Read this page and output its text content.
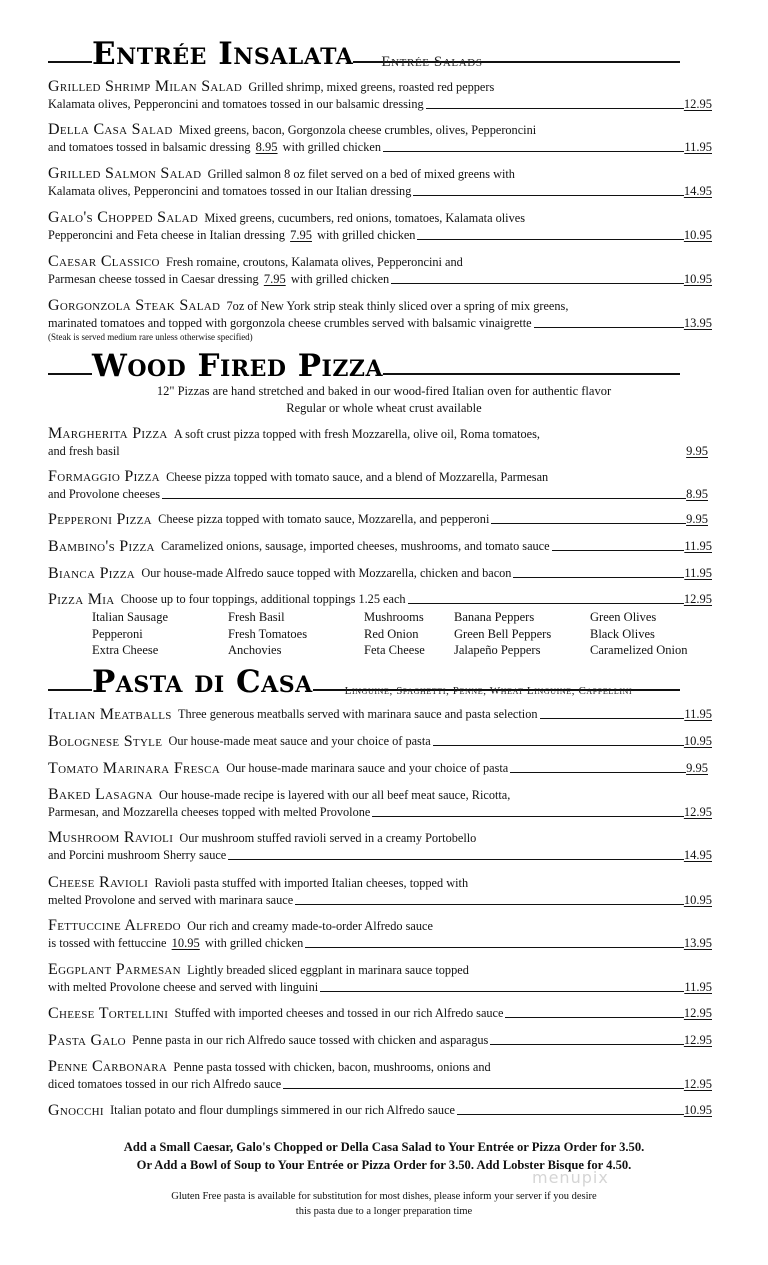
Entrée Insalata	Entrée Salads
Grilled Shrimp Milan Salad Grilled shrimp, mixed greens, roasted red peppers
Kalamata olives, Pepperoncini and tomatoes tossed in our balsamic dressing	12.95
Della Casa Salad Mixed greens, bacon, Gorgonzola cheese crumbles, olives, Pepperoncini
and tomatoes tossed in balsamic dressing
8.95
with grilled chicken	11.95
Grilled Salmon Salad Grilled salmon 8 oz filet served on a bed of mixed greens with
Kalamata olives, Pepperoncini and tomatoes tossed in our Italian dressing	14.95
Galo's Chopped Salad Mixed greens, cucumbers, red onions, tomatoes, Kalamata olives
Pepperoncini and Feta cheese in Italian dressing
7.95
with grilled chicken	10.95
Caesar Classico Fresh romaine, croutons, Kalamata olives, Pepperoncini and
Parmesan cheese tossed in Caesar dressing
7.95
with grilled chicken	10.95
Gorgonzola Steak Salad 7oz of New York strip steak thinly sliced over a spring of mix greens,
marinated tomatoes and topped with gorgonzola cheese crumbles served with balsamic vinaigrette	13.95
(Steak is served medium rare unless otherwise specified)
Wood Fired Pizza
12" Pizzas are hand stretched and baked in our wood-fired Italian oven for authentic flavor
Regular or whole wheat crust available
Margherita Pizza A soft crust pizza topped with fresh Mozzarella, olive oil, Roma tomatoes,
and fresh basil	9.95
Formaggio Pizza Cheese pizza topped with tomato sauce, and a blend of Mozzarella, Parmesan
and Provolone cheeses	8.95
Pepperoni Pizza
Cheese pizza topped with tomato sauce, Mozzarella, and pepperoni	9.95
Bambino's Pizza
Caramelized onions, sausage, imported cheeses, mushrooms, and tomato sauce	11.95
Bianca Pizza
Our house-made Alfredo sauce topped with Mozzarella, chicken and bacon	11.95
Pizza Mia
Choose up to four toppings, additional toppings 1.25 each	12.95
Italian Sausage	Fresh Basil	Mushrooms	Banana Peppers	Green Olives
Pepperoni	Fresh Tomatoes	Red Onion	Green Bell Peppers	Black Olives
Extra Cheese	Anchovies	Feta Cheese	Jalapeño Peppers	Caramelized Onion
Pasta di Casa	Linguine, Spaghetti, Penne, Wheat Linguine, Cappellini
Italian Meatballs
Three generous meatballs served with marinara sauce and pasta selection	11.95
Bolognese Style
Our house-made meat sauce and your choice of pasta	10.95
Tomato Marinara Fresca
Our house-made marinara sauce and your choice of pasta	9.95
Baked Lasagna Our house-made recipe is layered with our all beef meat sauce, Ricotta,
Parmesan, and Mozzarella cheeses topped with melted Provolone	12.95
Mushroom Ravioli Our mushroom stuffed ravioli served in a creamy Portobello
and Porcini mushroom Sherry sauce	14.95
Cheese Ravioli Ravioli pasta stuffed with imported Italian cheeses, topped with
melted Provolone and served with marinara sauce	10.95
Fettuccine Alfredo Our rich and creamy made-to-order Alfredo sauce
is tossed with fettuccine
10.95
with grilled chicken	13.95
Eggplant Parmesan Lightly breaded sliced eggplant in marinara sauce topped
with melted Provolone cheese and served with linguini	11.95
Cheese Tortellini
Stuffed with imported cheeses and tossed in our rich Alfredo sauce	12.95
Pasta Galo
Penne pasta in our rich Alfredo sauce tossed with chicken and asparagus	12.95
Penne Carbonara Penne pasta tossed with chicken, bacon, mushrooms, onions and
diced tomatoes tossed in our rich Alfredo sauce	12.95
Gnocchi
Italian potato and flour dumplings simmered in our rich Alfredo sauce	10.95
Add a Small Caesar, Galo's Chopped or Della Casa Salad to Your Entrée or Pizza Order for 3.50.
Or Add a Bowl of Soup to Your Entrée or Pizza Order for 3.50. Add Lobster Bisque for 4.50.
Gluten Free pasta is available for substitution for most dishes, please inform your server if you desire
this pasta due to a longer preparation time
menupix
